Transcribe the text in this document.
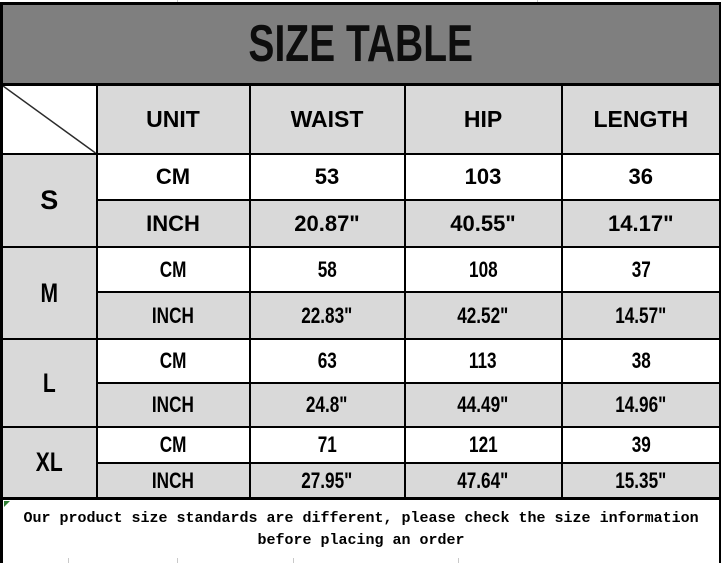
SIZE TABLE				

	UNIT	WAIST	HIP	LENGTH
S	CM	53	103	36
	INCH	20.87"	40.55"	14.17"
M	CM	58	108	37
	INCH	22.83"	42.52"	14.57"
L	CM	63	113	38
	INCH	24.8"	44.49"	14.96"
XL	CM	71	121	39
	INCH	27.95"	47.64"	15.35"

Our product size standards are different, please check the size information before placing an order				
